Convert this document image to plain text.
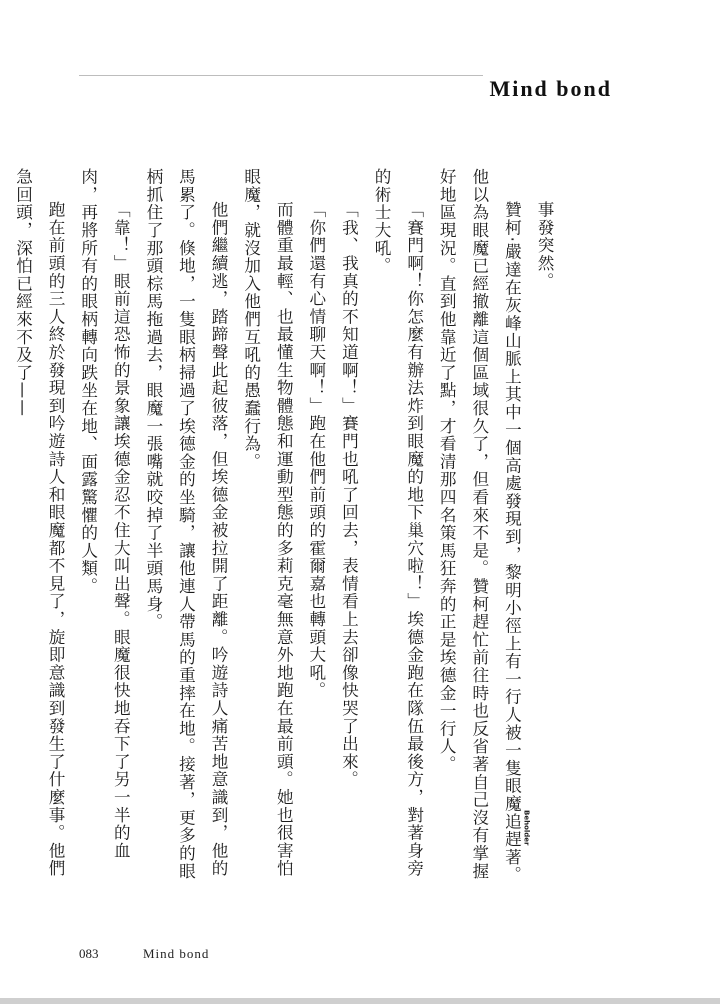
Mind bond

事發突然。

贊柯‧嚴達在灰峰山脈上其中一個高處發現到，黎明小徑上有一行人被一隻眼魔
Beholder
追趕著。他以為眼魔已經撤離這個區域很久了，但看來不是。贊柯趕忙前往時也反省著自己沒有掌握好地區現況。直到他靠近了點，才看清那四名策馬狂奔的正是埃德金一行人。

「賽門啊！你怎麼有辦法炸到眼魔的地下巢穴啦！」埃德金跑在隊伍最後方，對著身旁的術士大吼。

「我、我真的不知道啊！」賽門也吼了回去，表情看上去卻像快哭了出來。

「你們還有心情聊天啊！」跑在他們前頭的霍爾嘉也轉頭大吼。

而體重最輕、也最懂生物體態和運動型態的多莉克毫無意外地跑在最前頭。她也很害怕眼魔，就沒加入他們互吼的愚蠢行為。

他們繼續逃，踏蹄聲此起彼落，但埃德金被拉開了距離。吟遊詩人痛苦地意識到，他的馬累了。倏地，一隻眼柄掃過了埃德金的坐騎，讓他連人帶馬的重摔在地。接著，更多的眼柄抓住了那頭棕馬拖過去，眼魔一張嘴就咬掉了半頭馬身。

「靠！」眼前這恐怖的景象讓埃德金忍不住大叫出聲。眼魔很快地吞下了另一半的血肉，再將所有的眼柄轉向跌坐在地、面露驚懼的人類。

跑在前頭的三人終於發現到吟遊詩人和眼魔都不見了，旋即意識到發生了什麼事。他們急回頭，深怕已經來不及了——

083	Mind bond
